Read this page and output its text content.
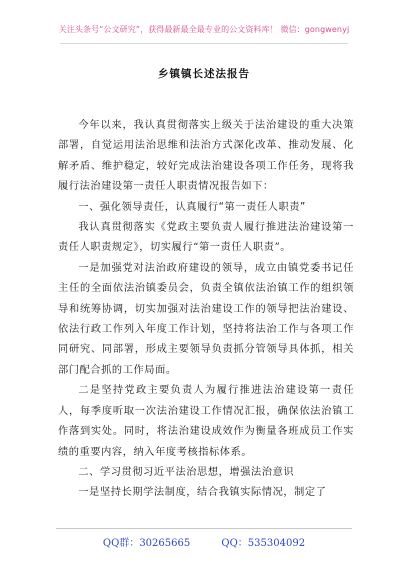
关注头条号“公文研究”，获得最新最全最专业的公文资料库！ 微信：gongwenyj
乡镇镇长述法报告

今年以来，我认真贯彻落实上级关于法治建设的重大决策部署，自觉运用法治思维和法治方式深化改革、推动发展、化解矛盾、维护稳定，较好完成法治建设各项工作任务，现将我履行法治建设第一责任人职责情况报告如下：

一、强化领导责任，认真履行“第一责任人职责”

我认真贯彻落实《党政主要负责人履行推进法治建设第一责任人职责规定》，切实履行“第一责任人职责”。

一是加强党对法治政府建设的领导，成立由镇党委书记任主任的全面依法治镇委员会，负责全镇依法治镇工作的组织领导和统筹协调，切实加强对法治建设工作的领导把法治建设、依法行政工作列入年度工作计划，坚持将法治工作与各项工作同研究、同部署，形成主要领导负责抓分管领导具体抓，相关部门配合抓的工作局面。

二是坚持党政主要负责人为履行推进法治建设第一责任人，每季度听取一次法治建设工作情况汇报，确保依法治镇工作落到实处。同时，将法治建设成效作为衡量各班成员工作实绩的重要内容，纳入年度考核指标体系。

二、学习贯彻习近平法治思想，增强法治意识

一是坚持长期学法制度，结合我镇实际情况，制定了

QQ群：30265665	QQ：535304092
